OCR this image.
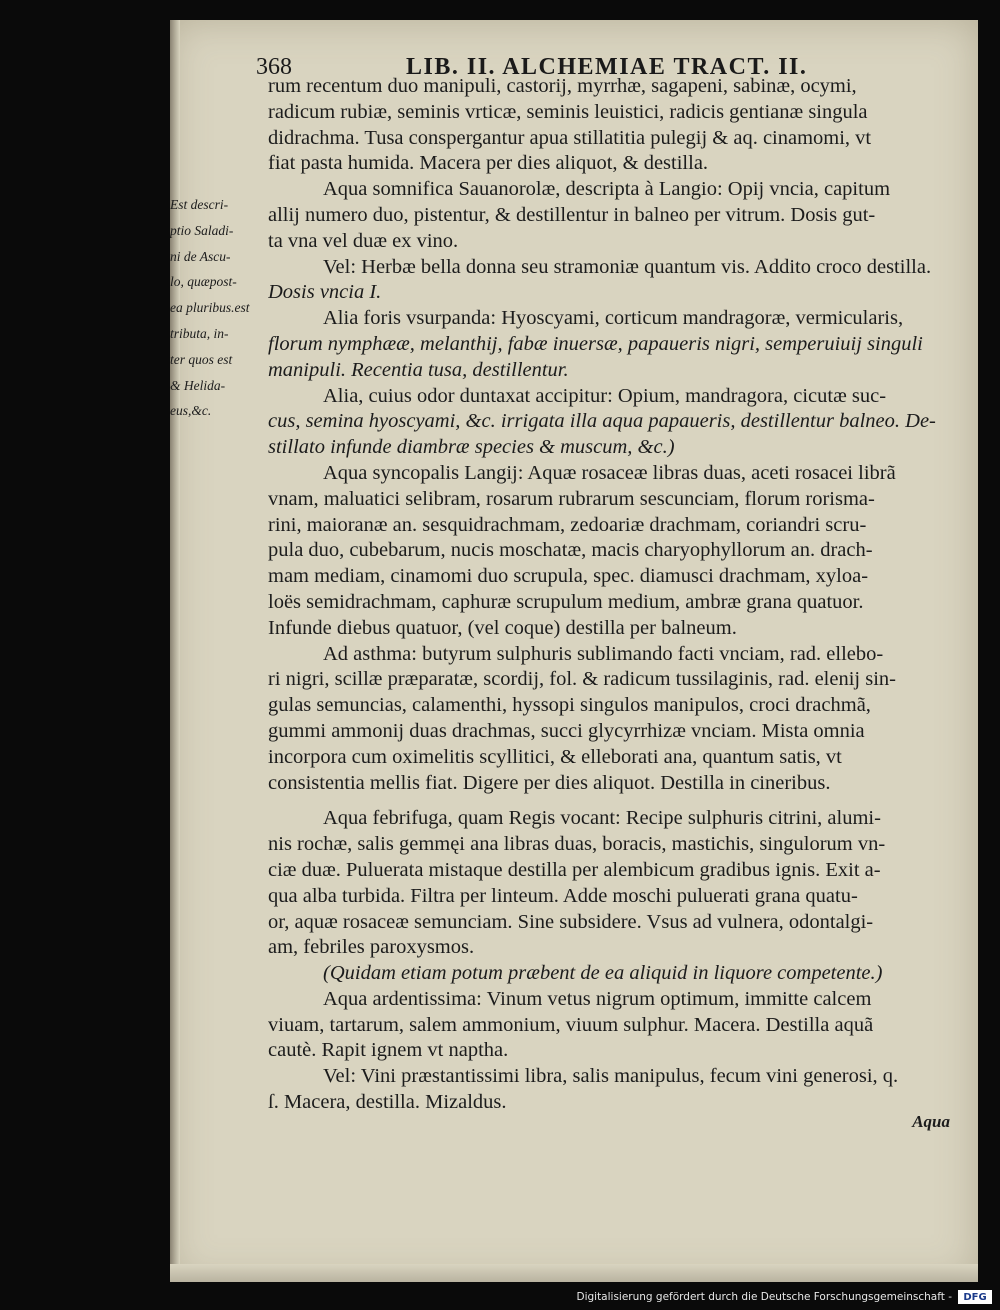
368	LIB. II. ALCHEMIAE TRACT. II.
Est descri-
ptio Saladi-
ni de Ascu-
lo, quæpost-
ea pluribus.est
tributa, in-
ter quos est
& Helida-
eus,&c.
rum recentum duo manipuli, castorij, myrrhæ, sagapeni, sabinæ, ocymi,
radicum rubiæ, seminis vrticæ, seminis leuistici, radicis gentianæ singula
didrachma. Tusa conspergantur apua stillatitia pulegij & aq. cinamomi, vt
fiat pasta humida. Macera per dies aliquot, & destilla.
Aqua somnifica Sauanorolæ, descripta à Langio: Opij vncia, capitum
allij numero duo, pistentur, & destillentur in balneo per vitrum. Dosis gut-
ta vna vel duæ ex vino.
Vel: Herbæ bella donna seu stramoniæ quantum vis. Addito croco destilla.
Dosis vncia I.
Alia foris vsurpanda: Hyoscyami, corticum mandragoræ, vermicularis,
florum nymphææ, melanthij, fabæ inuersæ, papaueris nigri, semperuiuij singuli
manipuli. Recentia tusa, destillentur.
Alia, cuius odor duntaxat accipitur: Opium, mandragora, cicutæ suc-
cus, semina hyoscyami, &c. irrigata illa aqua papaueris, destillentur balneo. De-
stillato infunde diambræ species & muscum, &c.)
Aqua syncopalis Langij: Aquæ rosaceæ libras duas, aceti rosacei librã
vnam, maluatici selibram, rosarum rubrarum sescunciam, florum rorisma-
rini, maioranæ an. sesquidrachmam, zedoariæ drachmam, coriandri scru-
pula duo, cubebarum, nucis moschatæ, macis charyophyllorum an. drach-
mam mediam, cinamomi duo scrupula, spec. diamusci drachmam, xyloa-
loës semidrachmam, caphuræ scrupulum medium, ambræ grana quatuor.
Infunde diebus quatuor, (vel coque) destilla per balneum.
Ad asthma: butyrum sulphuris sublimando facti vnciam, rad. ellebo-
ri nigri, scillæ præparatæ, scordij, fol. & radicum tussilaginis, rad. elenij sin-
gulas semuncias, calamenthi, hyssopi singulos manipulos, croci drachmã,
gummi ammonij duas drachmas, succi glycyrrhizæ vnciam. Mista omnia
incorpora cum oximelitis scyllitici, & elleborati ana, quantum satis, vt
consistentia mellis fiat. Digere per dies aliquot. Destilla in cineribus.
Aqua febrifuga, quam Regis vocant: Recipe sulphuris citrini, alumi-
nis rochæ, salis gemmęi ana libras duas, boracis, mastichis, singulorum vn-
ciæ duæ. Puluerata mistaque destilla per alembicum gradibus ignis. Exit a-
qua alba turbida. Filtra per linteum. Adde moschi puluerati grana quatu-
or, aquæ rosaceæ semunciam. Sine subsidere. Vsus ad vulnera, odontalgi-
am, febriles paroxysmos.
(Quidam etiam potum præbent de ea aliquid in liquore competente.)
Aqua ardentissima: Vinum vetus nigrum optimum, immitte calcem
viuam, tartarum, salem ammonium, viuum sulphur. Macera. Destilla aquã
cautè. Rapit ignem vt naptha.
Vel: Vini præstantissimi libra, salis manipulus, fecum vini generosi, q.
ſ. Macera, destilla. Mizaldus.
Aqua
Digitalisierung gefördert durch die Deutsche Forschungsgemeinschaft -	DFG
